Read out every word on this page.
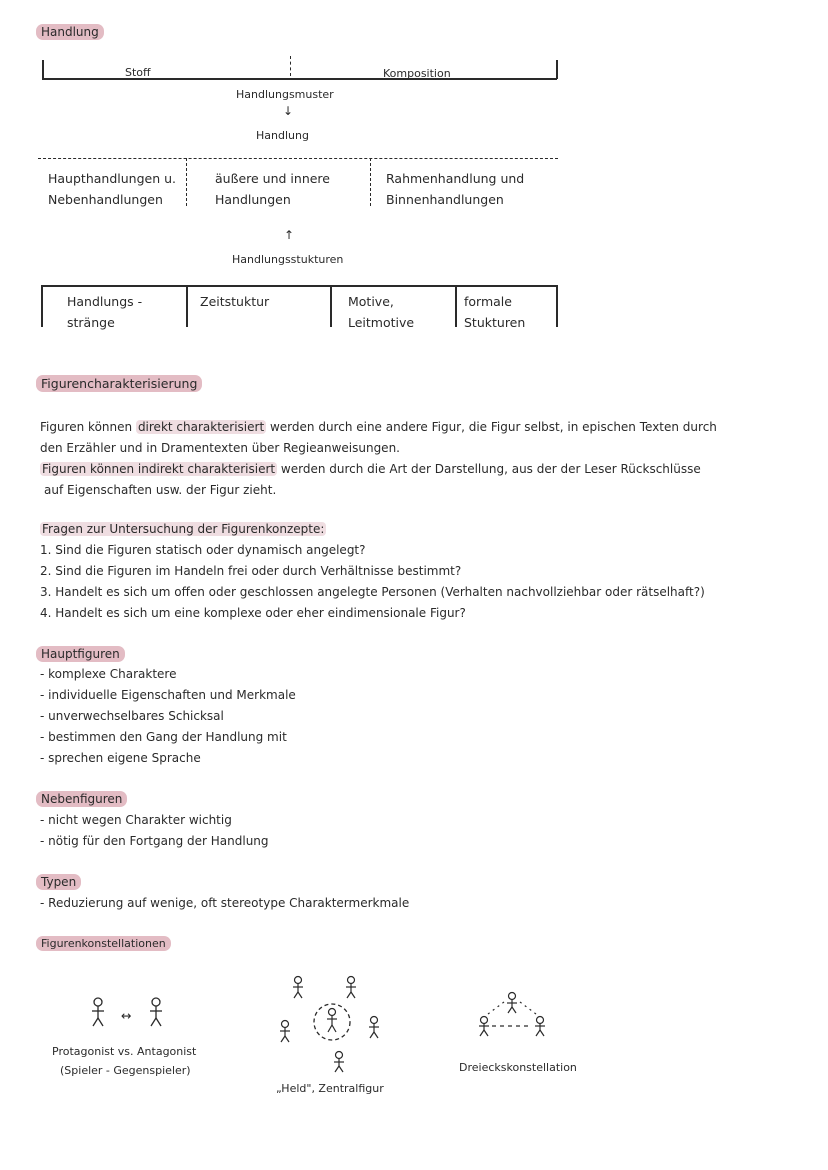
Handlung
Stoff	Komposition
Handlungsmuster
↓
Handlung
Haupthandlungen u.
Nebenhandlungen
äußere und innere
Handlungen
Rahmenhandlung und
Binnenhandlungen
↑
Handlungsstukturen
Handlungs -
stränge
Zeitstuktur	Motive,
Leitmotive
formale
Stukturen
Figurencharakterisierung
Figuren können direkt charakterisiert werden durch eine andere Figur, die Figur selbst, in epischen Texten durch
den Erzähler und in Dramentexten über Regieanweisungen.
Figuren können indirekt charakterisiert werden durch die Art der Darstellung, aus der der Leser Rückschlüsse
auf Eigenschaften usw. der Figur zieht.
Fragen zur Untersuchung der Figurenkonzepte:
1. Sind die Figuren statisch oder dynamisch angelegt?
2. Sind die Figuren im Handeln frei oder durch Verhältnisse bestimmt?
3. Handelt es sich um offen oder geschlossen angelegte Personen (Verhalten nachvollziehbar oder rätselhaft?)
4. Handelt es sich um eine komplexe oder eher eindimensionale Figur?
Hauptfiguren
- komplexe Charaktere
- individuelle Eigenschaften und Merkmale
- unverwechselbares Schicksal
- bestimmen den Gang der Handlung mit
- sprechen eigene Sprache
Nebenfiguren
- nicht wegen Charakter wichtig
- nötig für den Fortgang der Handlung
Typen
- Reduzierung auf wenige, oft stereotype Charaktermerkmale
Figurenkonstellationen
↔
Protagonist vs. Antagonist
(Spieler - Gegenspieler)
„Held", Zentralfigur
Dreieckskonstellation
